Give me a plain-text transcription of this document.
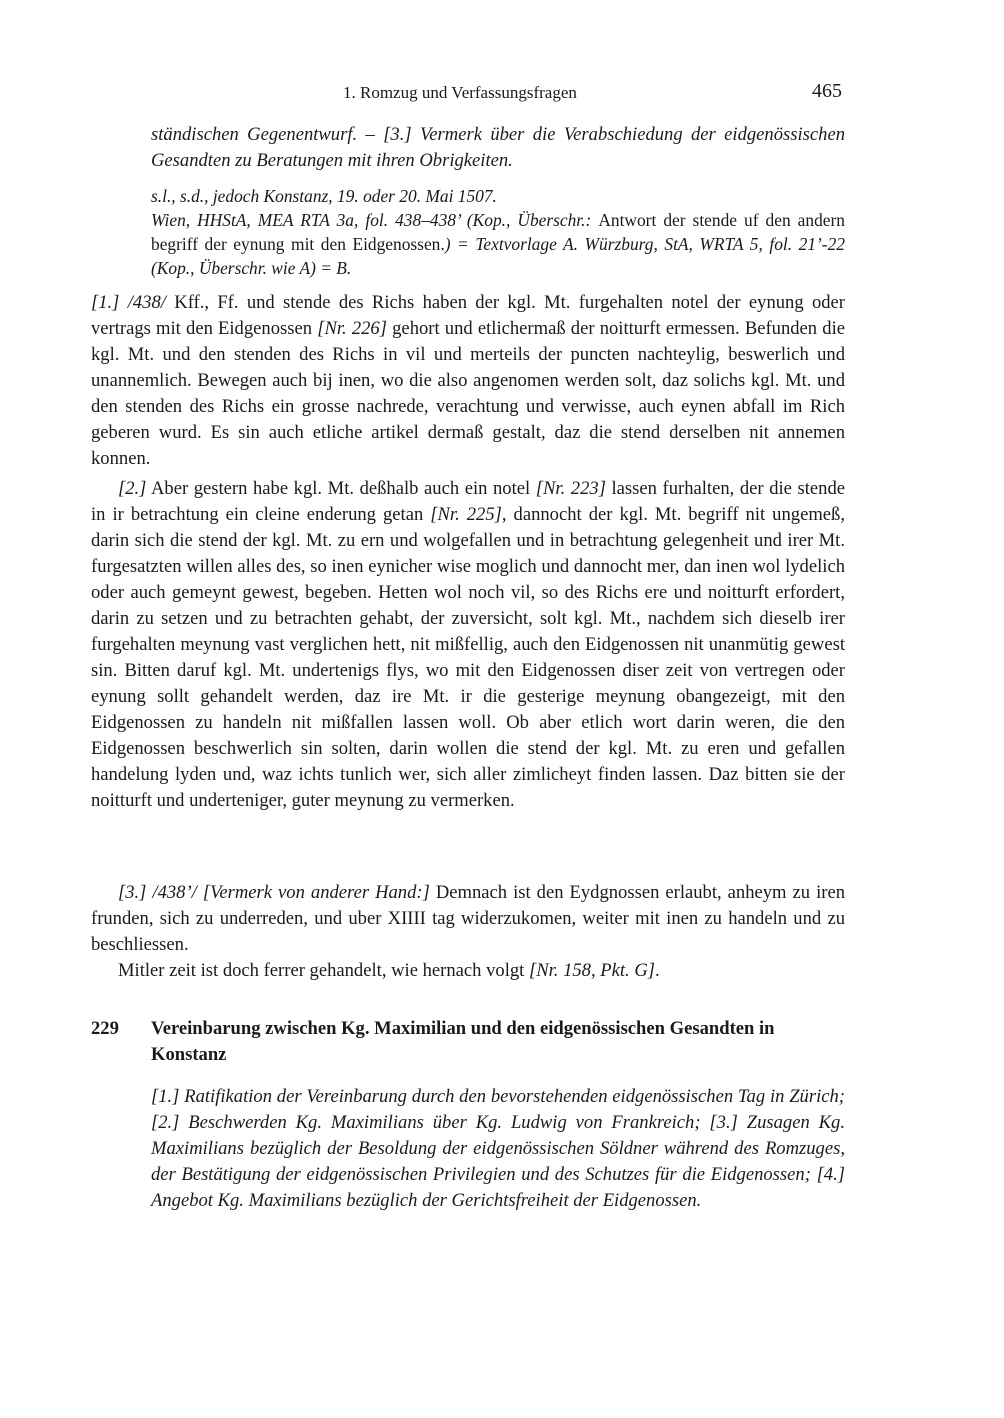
1. Romzug und Verfassungsfragen	465

ständischen Gegenentwurf. – [3.] Vermerk über die Verabschiedung der eidgenössischen Gesandten zu Beratungen mit ihren Obrigkeiten.

s.l., s.d., jedoch Konstanz, 19. oder 20. Mai 1507.
Wien, HHStA, MEA RTA 3a, fol. 438–438’ (Kop., Überschr.: Antwort der stende uf den andern begriff der eynung mit den Eidgenossen.) = Textvorlage A. Würzburg, StA, WRTA 5, fol. 21’-22 (Kop., Überschr. wie A) = B.

[1.] /438/ Kff., Ff. und stende des Richs haben der kgl. Mt. furgehalten notel der eynung oder vertrags mit den Eidgenossen [Nr. 226] gehort und etlichermaß der noitturft ermessen. Befunden die kgl. Mt. und den stenden des Richs in vil und merteils der puncten nachteylig, beswerlich und unannemlich. Bewegen auch bij inen, wo die also angenomen werden solt, daz solichs kgl. Mt. und den stenden des Richs ein grosse nachrede, verachtung und verwisse, auch eynen abfall im Rich geberen wurd. Es sin auch etliche artikel dermaß gestalt, daz die stend derselben nit annemen konnen.

[2.] Aber gestern habe kgl. Mt. deßhalb auch ein notel [Nr. 223] lassen furhalten, der die stende in ir betrachtung ein cleine enderung getan [Nr. 225], dannocht der kgl. Mt. begriff nit ungemeß, darin sich die stend der kgl. Mt. zu ern und wolgefallen und in betrachtung gelegenheit und irer Mt. furgesatzten willen alles des, so inen eynicher wise moglich und dannocht mer, dan inen wol lydelich oder auch gemeynt gewest, begeben. Hetten wol noch vil, so des Richs ere und noitturft erfordert, darin zu setzen und zu betrachten gehabt, der zuversicht, solt kgl. Mt., nachdem sich dieselb irer furgehalten meynung vast verglichen hett, nit mißfellig, auch den Eidgenossen nit unanmütig gewest sin. Bitten daruf kgl. Mt. undertenigs flys, wo mit den Eidgenossen diser zeit von vertregen oder eynung sollt gehandelt werden, daz ire Mt. ir die gesterige meynung obangezeigt, mit den Eidgenossen zu handeln nit mißfallen lassen woll. Ob aber etlich wort darin weren, die den Eidgenossen beschwerlich sin solten, darin wollen die stend der kgl. Mt. zu eren und gefallen handelung lyden und, waz ichts tunlich wer, sich aller zimlicheyt finden lassen. Daz bitten sie der noitturft und underteniger, guter meynung zu vermerken.

[3.] /438’/ [Vermerk von anderer Hand:] Demnach ist den Eydgnossen erlaubt, anheym zu iren frunden, sich zu underreden, und uber XIIII tag widerzukomen, weiter mit inen zu handeln und zu beschliessen.

Mitler zeit ist doch ferrer gehandelt, wie hernach volgt [Nr. 158, Pkt. G].

229 Vereinbarung zwischen Kg. Maximilian und den eidgenössischen Gesandten in Konstanz

[1.] Ratifikation der Vereinbarung durch den bevorstehenden eidgenössischen Tag in Zürich; [2.] Beschwerden Kg. Maximilians über Kg. Ludwig von Frankreich; [3.] Zusagen Kg. Maximilians bezüglich der Besoldung der eidgenössischen Söldner während des Romzuges, der Bestätigung der eidgenössischen Privilegien und des Schutzes für die Eidgenossen; [4.] Angebot Kg. Maximilians bezüglich der Gerichtsfreiheit der Eidgenossen.
